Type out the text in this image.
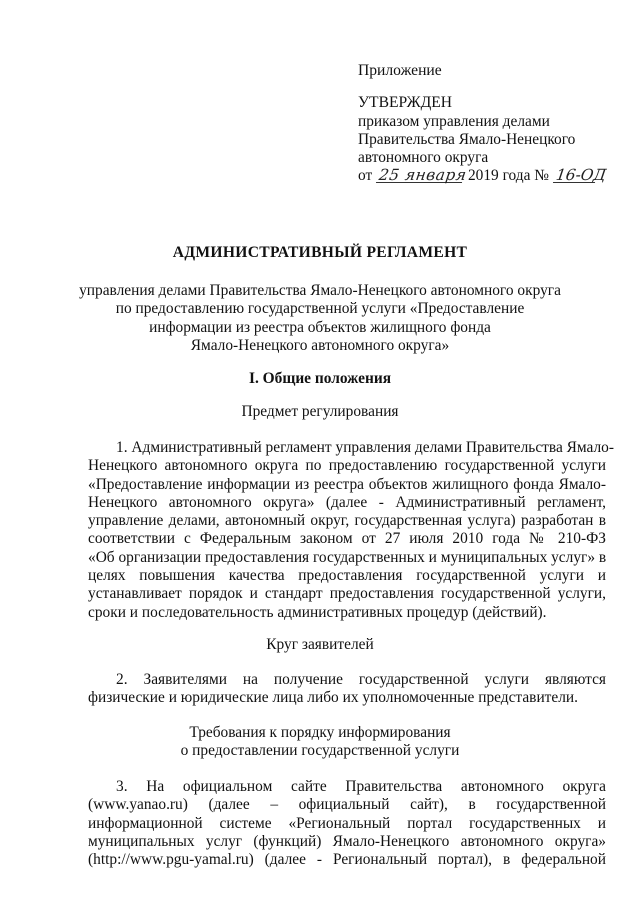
Приложение
УТВЕРЖДЕН
приказом управления делами
Правительства Ямало-Ненецкого
автономного округа
от 25 января 2019 года № 16-ОД
АДМИНИСТРАТИВНЫЙ РЕГЛАМЕНТ
управления делами Правительства Ямало-Ненецкого автономного округа
по предоставлению государственной услуги «Предоставление
информации из реестра объектов жилищного фонда
Ямало-Ненецкого автономного округа»
I. Общие положения
Предмет регулирования
1. Административный регламент управления делами Правительства Ямало-
Ненецкого автономного округа по предоставлению государственной услуги
«Предоставление информации из реестра объектов жилищного фонда Ямало-
Ненецкого автономного округа» (далее - Административный регламент,
управление делами, автономный округ, государственная услуга) разработан в
соответствии с Федеральным законом от 27 июля 2010 года № 210-ФЗ
«Об организации предоставления государственных и муниципальных услуг» в
целях повышения качества предоставления государственной услуги и
устанавливает порядок и стандарт предоставления государственной услуги,
сроки и последовательность административных процедур (действий).
Круг заявителей
2. Заявителями на получение государственной услуги являются
физические и юридические лица либо их уполномоченные представители.
Требования к порядку информирования
о предоставлении государственной услуги
3. На официальном сайте Правительства автономного округа
(www.yanao.ru) (далее – официальный сайт), в государственной
информационной системе «Региональный портал государственных и
муниципальных услуг (функций) Ямало-Ненецкого автономного округа»
(http://www.pgu-yamal.ru) (далее - Региональный портал), в федеральной
